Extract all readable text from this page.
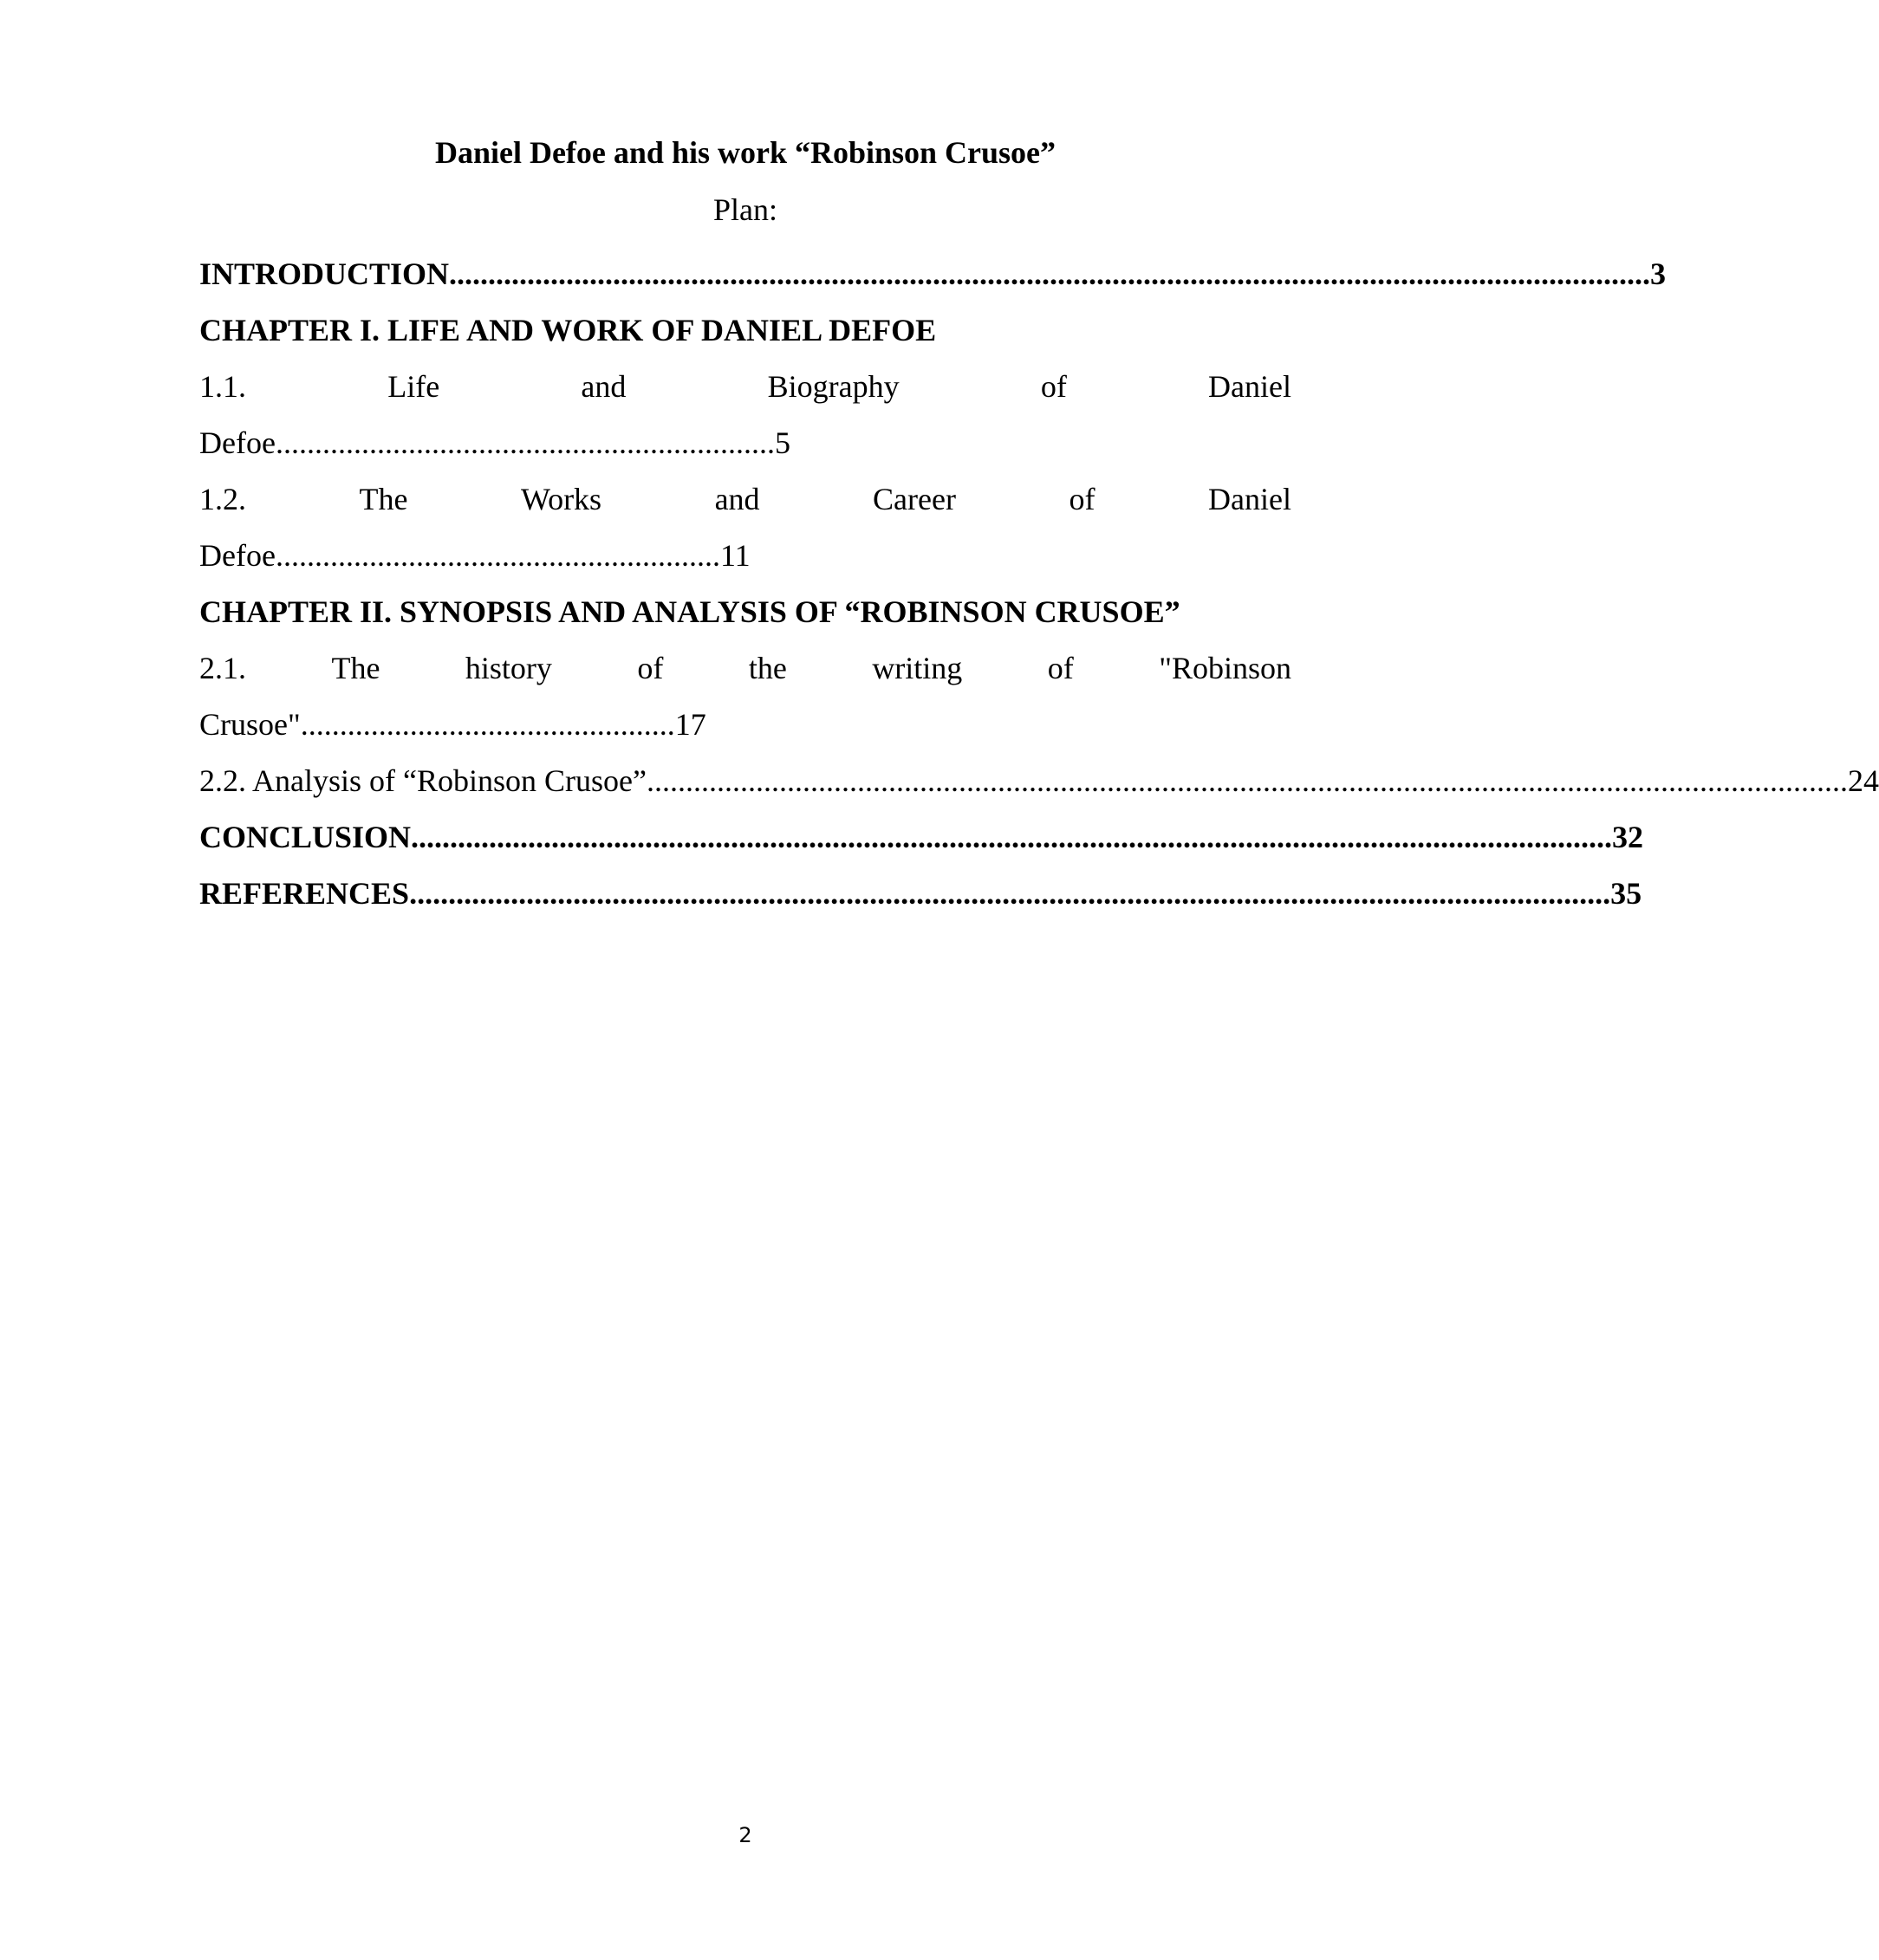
Daniel Defoe and his work “Robinson Crusoe”
Plan:
INTRODUCTION .......................................................................................................................................................... 3
CHAPTER I. LIFE AND WORK OF DANIEL DEFOE
1.1.	Life	and	Biography	of	Daniel
Defoe................................................................5
1.2.	The	Works	and	Career	of	Daniel
Defoe.........................................................11
CHAPTER II. SYNOPSIS AND ANALYSIS OF “ROBINSON CRUSOE”
2.1.	The	history	of	the	writing	of	"Robinson
Crusoe"................................................17
2.2. Analysis of “Robinson Crusoe” .......................................................................................................................................................... 24
CONCLUSION .......................................................................................................................................................... 32
REFERENCES .......................................................................................................................................................... 35
2
